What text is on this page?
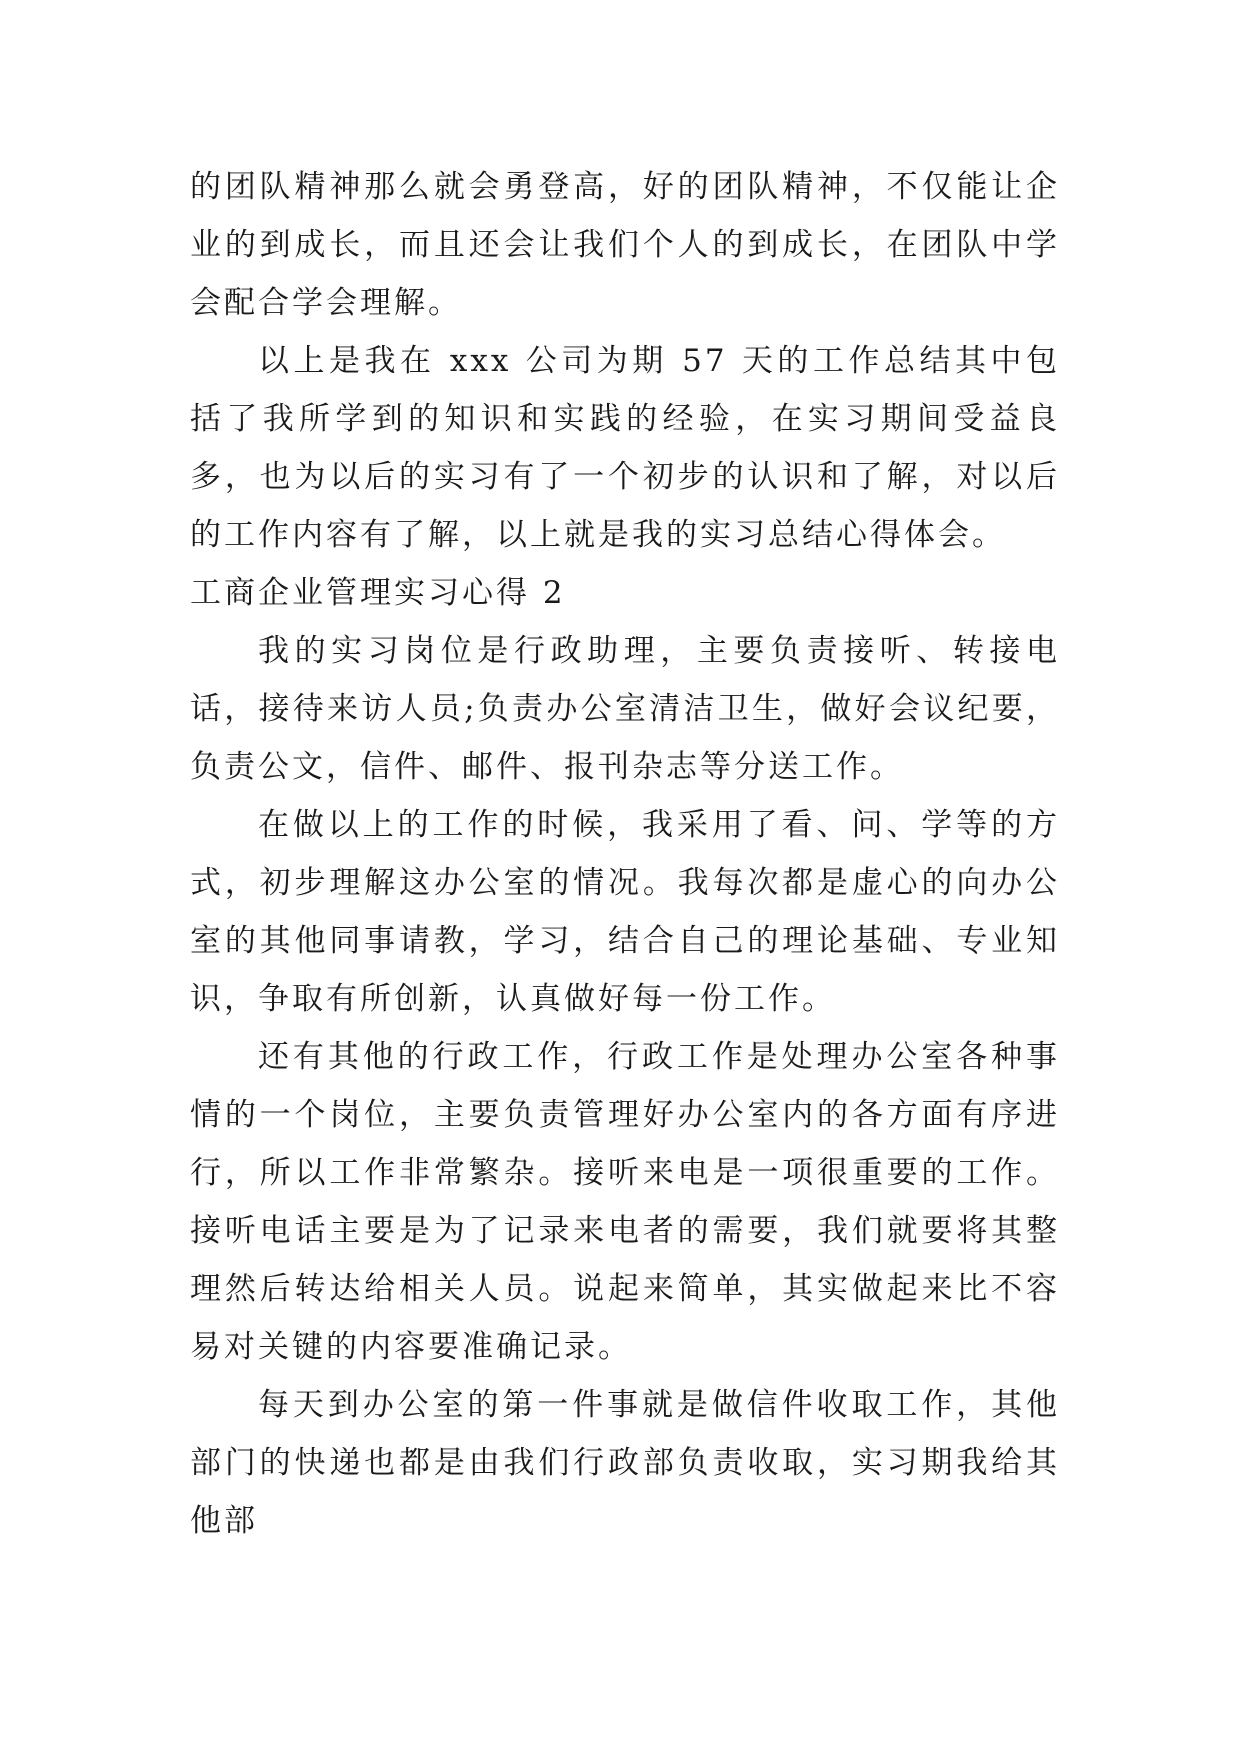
的团队精神那么就会勇登高，好的团队精神，不仅能让企业的到成长，而且还会让我们个人的到成长，在团队中学会配合学会理解。

以上是我在 xxx 公司为期 57 天的工作总结其中包括了我所学到的知识和实践的经验，在实习期间受益良多，也为以后的实习有了一个初步的认识和了解，对以后的工作内容有了解，以上就是我的实习总结心得体会。

工商企业管理实习心得 2

我的实习岗位是行政助理，主要负责接听、转接电话，接待来访人员;负责办公室清洁卫生，做好会议纪要，负责公文，信件、邮件、报刊杂志等分送工作。

在做以上的工作的时候，我采用了看、问、学等的方式，初步理解这办公室的情况。我每次都是虚心的向办公室的其他同事请教，学习，结合自己的理论基础、专业知识，争取有所创新，认真做好每一份工作。

还有其他的行政工作，行政工作是处理办公室各种事情的一个岗位，主要负责管理好办公室内的各方面有序进行，所以工作非常繁杂。接听来电是一项很重要的工作。接听电话主要是为了记录来电者的需要，我们就要将其整理然后转达给相关人员。说起来简单，其实做起来比不容易对关键的内容要准确记录。

每天到办公室的第一件事就是做信件收取工作，其他部门的快递也都是由我们行政部负责收取，实习期我给其他部
